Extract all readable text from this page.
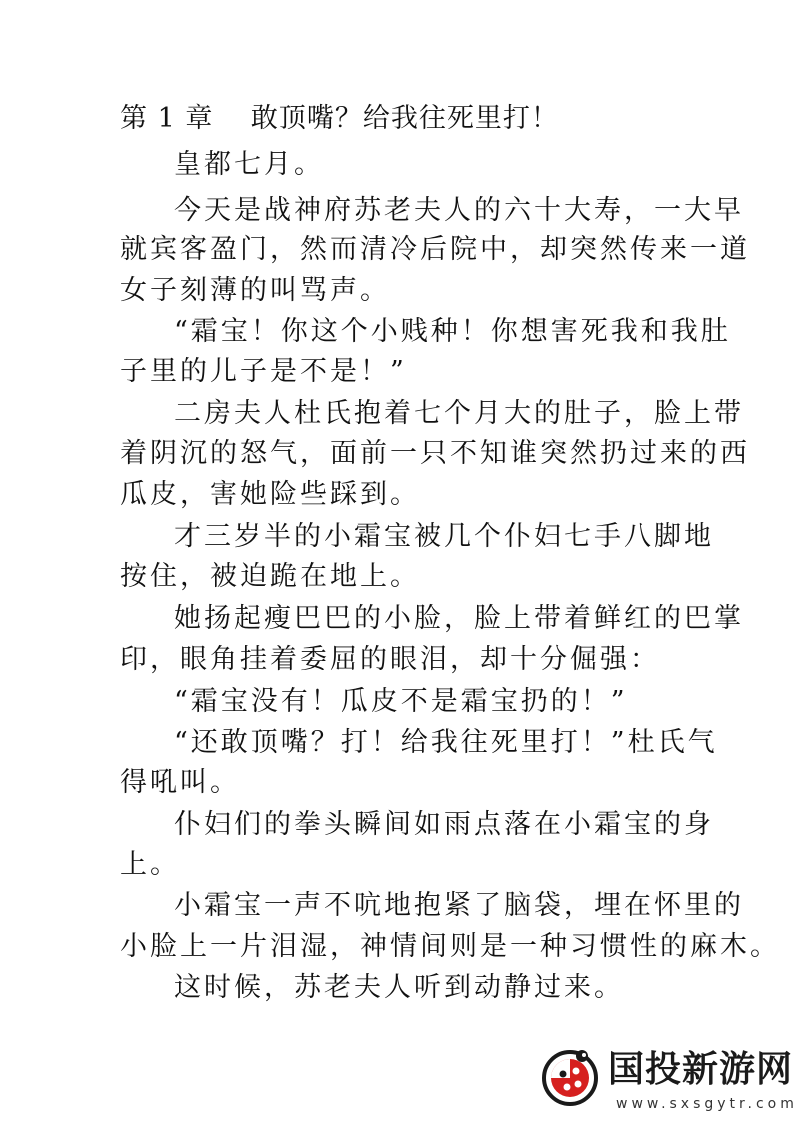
第 1 章　 敢顶嘴？给我往死里打！
皇都七月。
今天是战神府苏老夫人的六十大寿，一大早
就宾客盈门，然而清冷后院中，却突然传来一道
女子刻薄的叫骂声。
“霜宝！你这个小贱种！你想害死我和我肚
子里的儿子是不是！”
二房夫人杜氏抱着七个月大的肚子，脸上带
着阴沉的怒气，面前一只不知谁突然扔过来的西
瓜皮，害她险些踩到。
才三岁半的小霜宝被几个仆妇七手八脚地
按住，被迫跪在地上。
她扬起瘦巴巴的小脸，脸上带着鲜红的巴掌
印，眼角挂着委屈的眼泪，却十分倔强：
“霜宝没有！瓜皮不是霜宝扔的！”
“还敢顶嘴？打！给我往死里打！”杜氏气
得吼叫。
仆妇们的拳头瞬间如雨点落在小霜宝的身
上。
小霜宝一声不吭地抱紧了脑袋，埋在怀里的
小脸上一片泪湿，神情间则是一种习惯性的麻木。
这时候，苏老夫人听到动静过来。
国投新游网
www.sxsgytr.com
